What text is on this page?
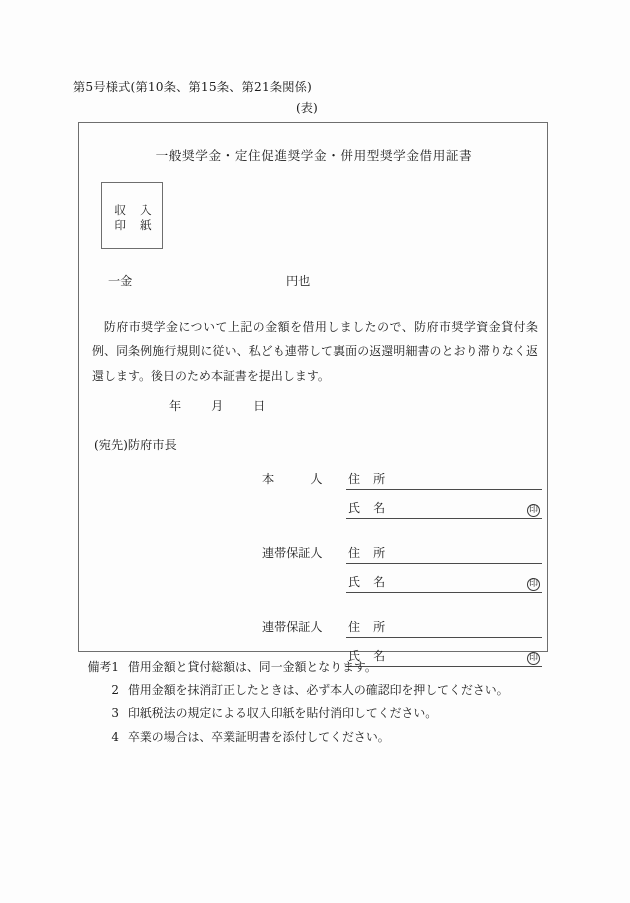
第5号様式(第10条、第15条、第21条関係)
(表)
一般奨学金・定住促進奨学金・併用型奨学金借用証書
収 入
印 紙
一金	円也
防府市奨学金について上記の金額を借用しましたので、防府市奨学資金貸付条例、同条例施行規則に従い、私ども連帯して裏面の返還明細書のとおり滞りなく返還します。後日のため本証書を提出します。
年 月 日
(宛先)防府市長
本　　　人	住 所
氏 名	印
連帯保証人	住 所
氏 名	印
連帯保証人	住 所
氏 名	印
備考1 借用金額と貸付総額は、同一金額となります。
2 借用金額を抹消訂正したときは、必ず本人の確認印を押してください。
3 印紙税法の規定による収入印紙を貼付消印してください。
4 卒業の場合は、卒業証明書を添付してください。
